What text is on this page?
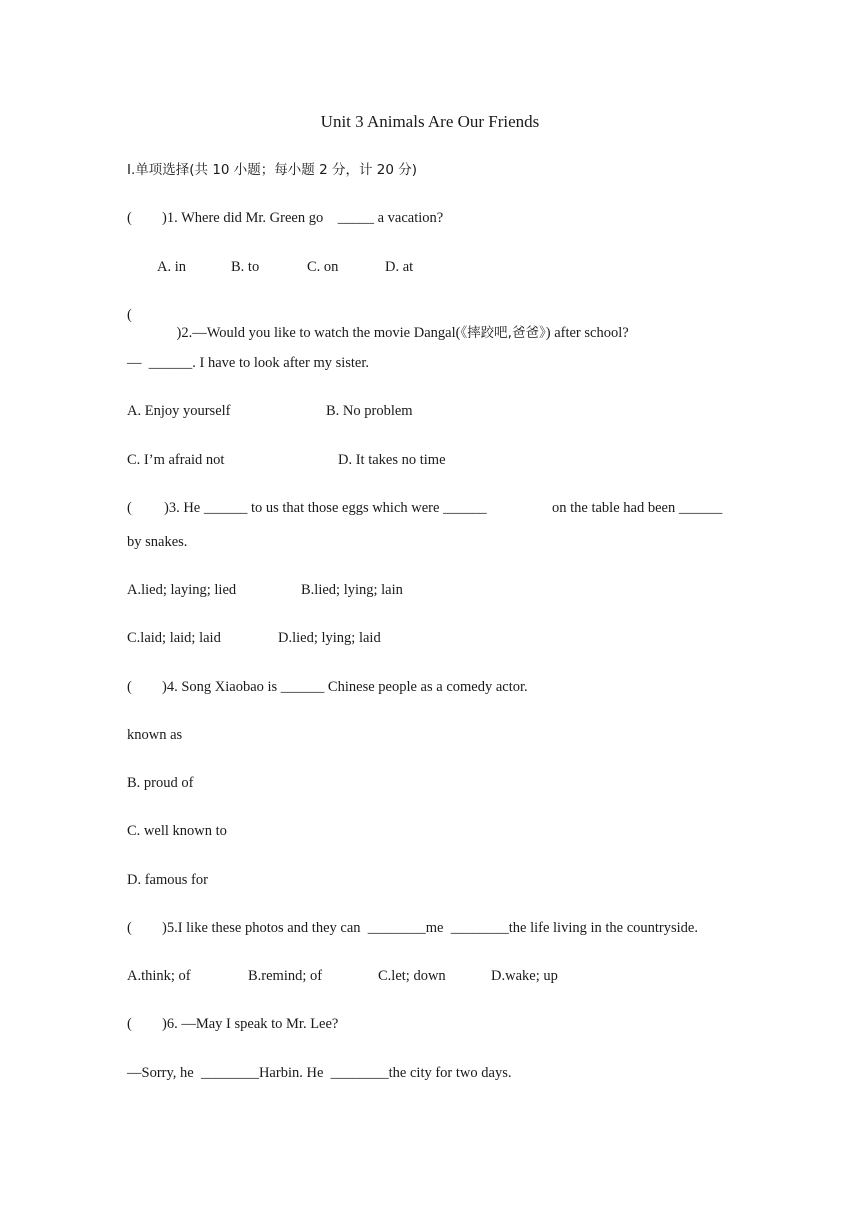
Unit 3 Animals Are Our Friends
Ⅰ.单项选择(共 10 小题；每小题 2 分，计 20 分)
( )1. Where did Mr. Green go    _____ a vacation?
A. in	B. to	C. on	D. at
(

)2.—Would you like to watch the movie Dangal(《摔跤吧,爸爸》) after school?

—  ______. I have to look after my sister.
A. Enjoy yourself	B. No problem
C. I’m afraid not	D. It takes no time
( )3. He ______ to us that those eggs which were ______	on the table had been ______
by snakes.
A.lied; laying; lied	B.lied; lying; lain
C.laid; laid; laid	D.lied; lying; laid
( )4. Song Xiaobao is ______ Chinese people as a comedy actor.
known as
B. proud of
C. well known to
D. famous for
( )5.I like these photos and they can  ________me  ________the life living in the countryside.
A.think; of	B.remind; of	C.let; down	D.wake; up
( )6. —May I speak to Mr. Lee?
—Sorry, he  ________Harbin. He  ________the city for two days.
